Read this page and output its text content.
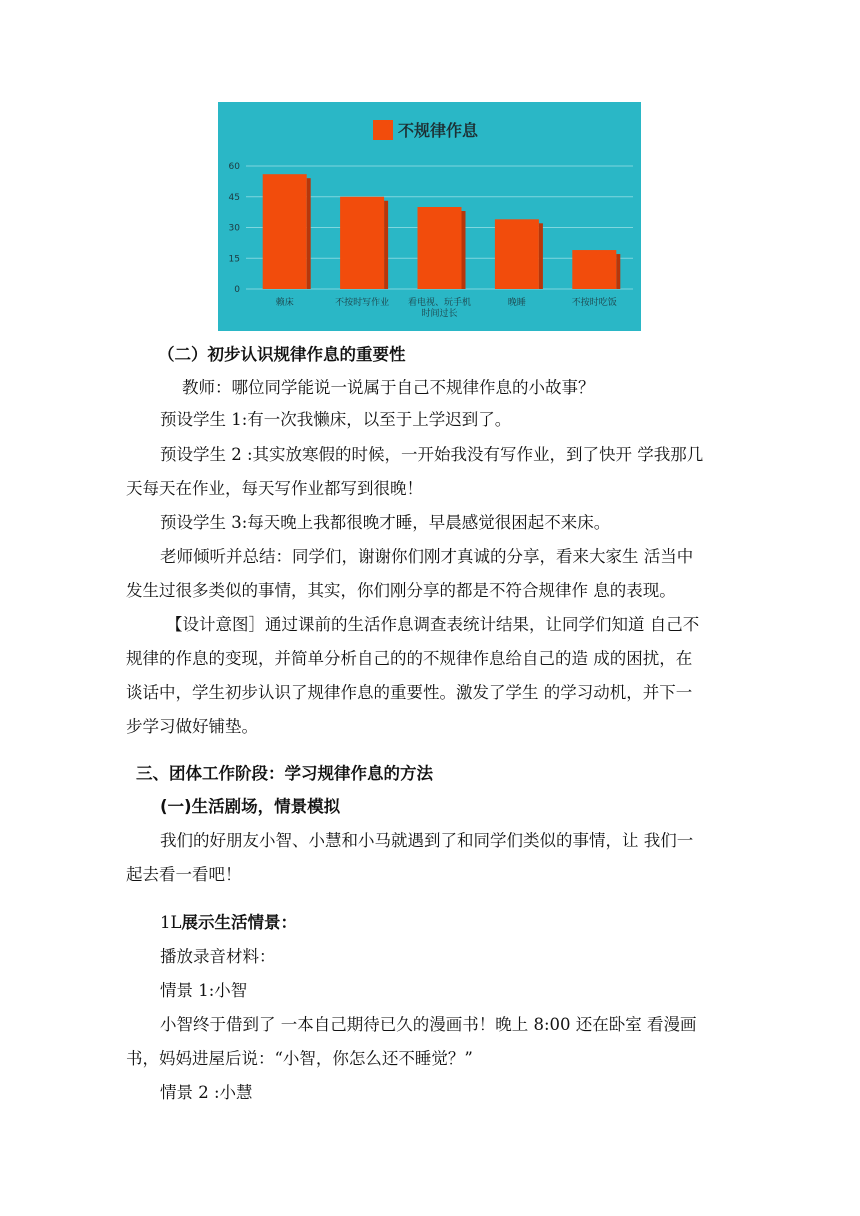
不规律作息
0
15
30
45
60
赖床	不按时写作业 看电视、玩手机
时间过长
晚睡	不按时吃饭
（二）初步认识规律作息的重要性
教师：哪位同学能说一说属于自己不规律作息的小故事？
预设学生 1:有一次我懒床，以至于上学迟到了。
预设学生 2 :其实放寒假的时候，一开始我没有写作业，到了快开 学我那几
天每天在作业，每天写作业都写到很晚！
预设学生 3:每天晚上我都很晚才睡，早晨感觉很困起不来床。
老师倾听并总结：同学们，谢谢你们刚才真诚的分享，看来大家生 活当中
发生过很多类似的事情，其实，你们刚分享的都是不符合规律作 息的表现。
【设计意图］通过课前的生活作息调查表统计结果，让同学们知道 自己不
规律的作息的变现，并简单分析自己的的不规律作息给自己的造 成的困扰，在
谈话中，学生初步认识了规律作息的重要性。激发了学生 的学习动机，并下一
步学习做好铺垫。
三、团体工作阶段：学习规律作息的方法
(一)生活剧场，情景模拟
我们的好朋友小智、小慧和小马就遇到了和同学们类似的事情，让 我们一
起去看一看吧！
1L展示生活情景：
播放录音材料：
情景 1:小智
小智终于借到了 一本自己期待已久的漫画书！晚上 8:00 还在卧室 看漫画
书，妈妈进屋后说：“小智，你怎么还不睡觉？”
情景 2 :小慧
